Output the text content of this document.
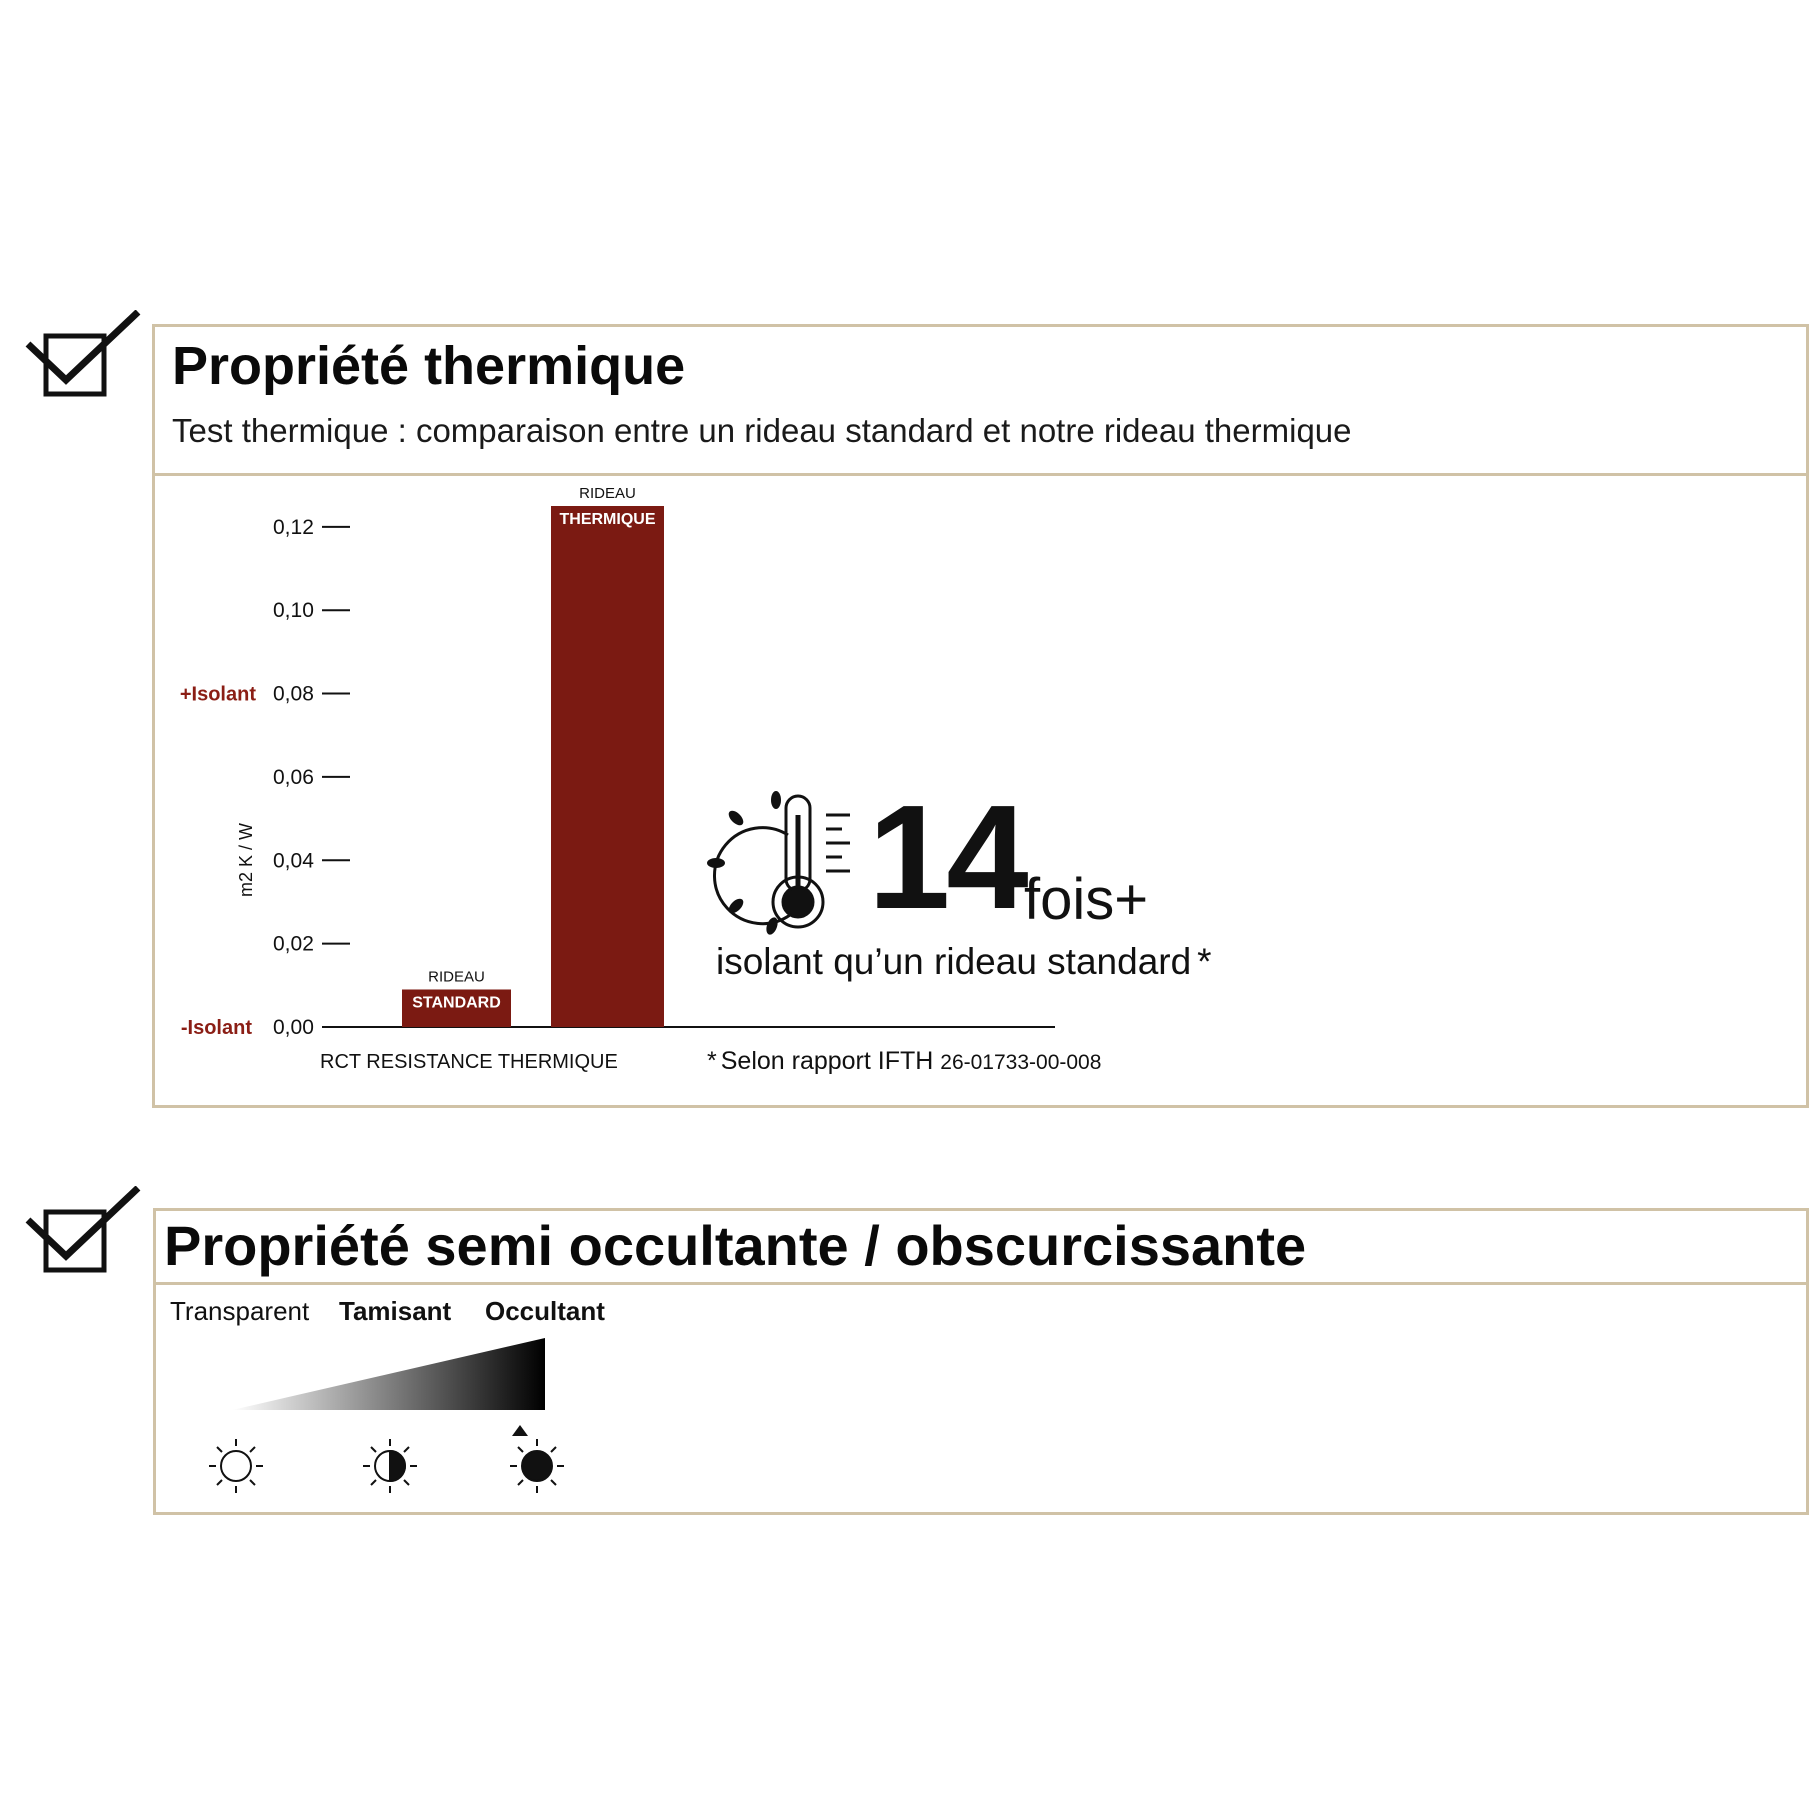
Propriété thermique
Test thermique : comparaison entre un rideau standard et notre rideau thermique
0,00
0,02
0,04
0,06
0,08
0,10
0,12
m2 K / W
+Isolant
-Isolant
RCT RESISTANCE THERMIQUE
RIDEAU
STANDARD
RIDEAU
THERMIQUE
14 fois+
isolant qu’un rideau standard *
* Selon rapport IFTH 26-01733-00-008
Propriété semi occultante / obscurcissante
Transparent Tamisant Occultant
